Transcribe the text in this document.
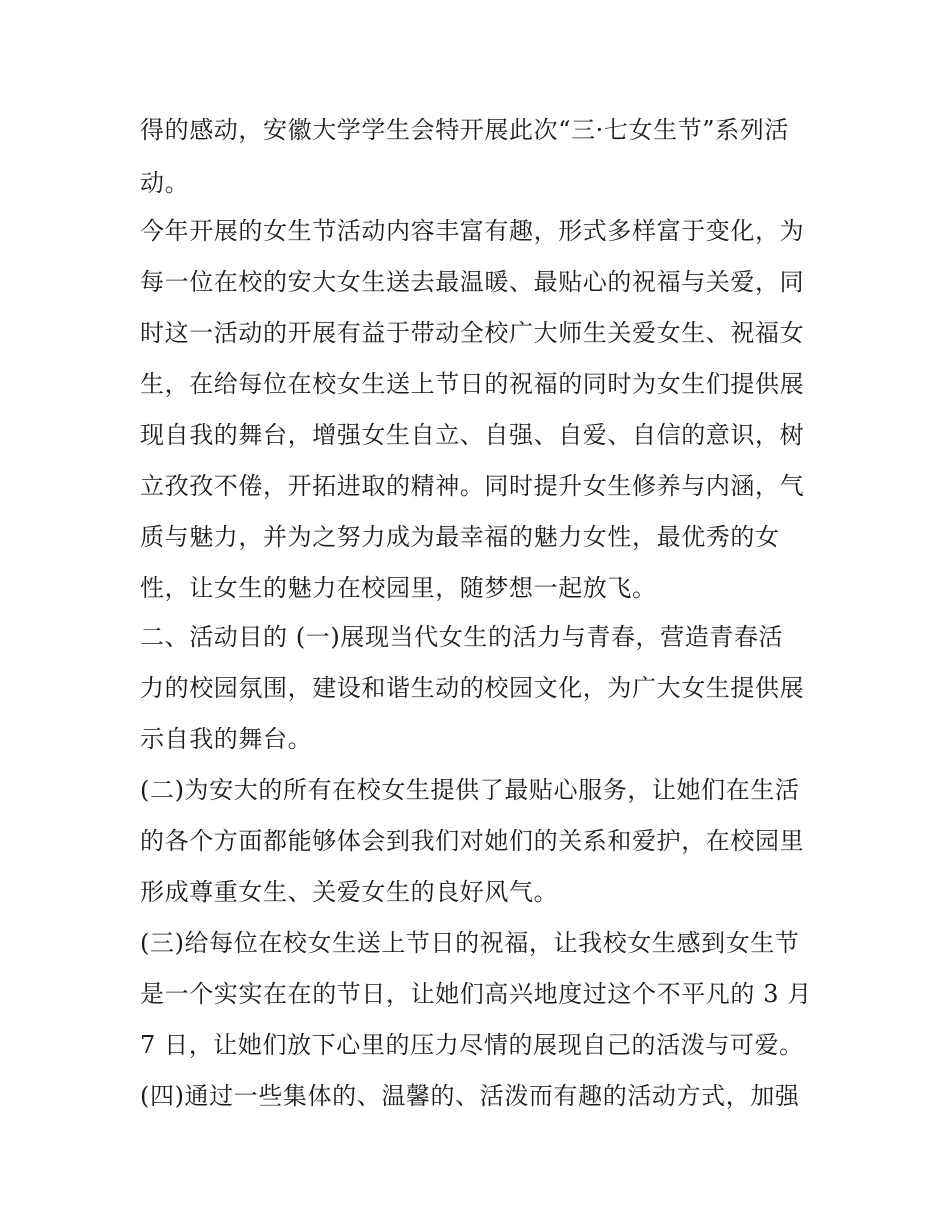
得的感动，安徽大学学生会特开展此次“三·七女生节”系列活
动。
今年开展的女生节活动内容丰富有趣，形式多样富于变化，为
每一位在校的安大女生送去最温暖、最贴心的祝福与关爱，同
时这一活动的开展有益于带动全校广大师生关爱女生、祝福女
生，在给每位在校女生送上节日的祝福的同时为女生们提供展
现自我的舞台，增强女生自立、自强、自爱、自信的意识，树
立孜孜不倦，开拓进取的精神。同时提升女生修养与内涵，气
质与魅力，并为之努力成为最幸福的魅力女性，最优秀的女
性，让女生的魅力在校园里，随梦想一起放飞。
二、活动目的 (一)展现当代女生的活力与青春，营造青春活
力的校园氛围，建设和谐生动的校园文化，为广大女生提供展
示自我的舞台。
(二)为安大的所有在校女生提供了最贴心服务，让她们在生活
的各个方面都能够体会到我们对她们的关系和爱护，在校园里
形成尊重女生、关爱女生的良好风气。
(三)给每位在校女生送上节日的祝福，让我校女生感到女生节
是一个实实在在的节日，让她们高兴地度过这个不平凡的 3 月
7 日，让她们放下心里的压力尽情的展现自己的活泼与可爱。
(四)通过一些集体的、温馨的、活泼而有趣的活动方式，加强
